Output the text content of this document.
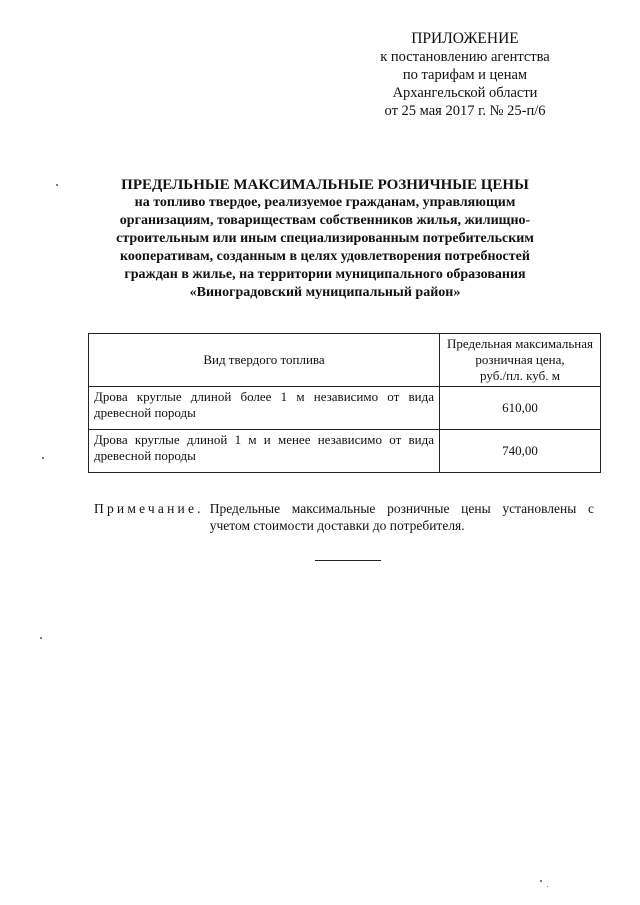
ПРИЛОЖЕНИЕ
к постановлению агентства
по тарифам и ценам
Архангельской области
от 25 мая 2017 г. № 25-п/6
ПРЕДЕЛЬНЫЕ МАКСИМАЛЬНЫЕ РОЗНИЧНЫЕ ЦЕНЫ
на топливо твердое, реализуемое гражданам, управляющим
организациям, товариществам собственников жилья, жилищно-
строительным или иным специализированным потребительским
кооперативам, созданным в целях удовлетворения потребностей
граждан в жилье, на территории муниципального образования
«Виноградовский муниципальный район»
Вид твердого топлива	Предельная максимальная
розничная цена,
руб./пл. куб. м

Дрова круглые длиной более 1 м независимо от вида древесной породы	610,00
Дрова круглые длиной 1 м и менее независимо от вида древесной породы	740,00
Примечание. Предельные максимальные розничные цены установлены с учетом стоимости доставки до потребителя.
